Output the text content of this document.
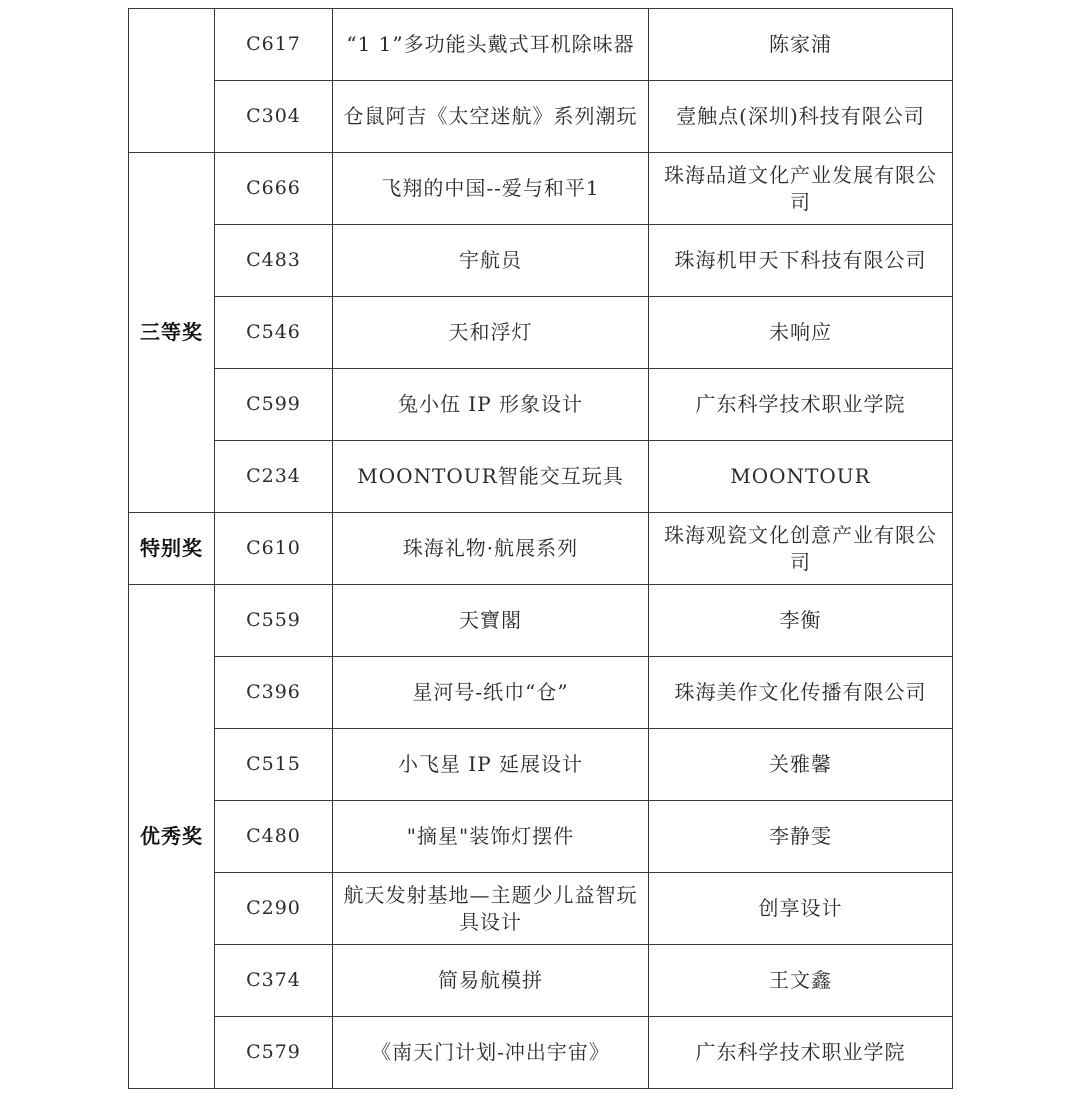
	C617	“1 1”多功能头戴式耳机除味器	陈家浦
	C304	仓鼠阿吉《太空迷航》系列潮玩	壹触点(深圳)科技有限公司
三等奖	C666	飞翔的中国--爱与和平1	珠海品道文化产业发展有限公司
	C483	宇航员	珠海机甲天下科技有限公司
	C546	天和浮灯	未响应
	C599	兔小伍 IP 形象设计	广东科学技术职业学院
	C234	MOONTOUR智能交互玩具	MOONTOUR
特别奖	C610	珠海礼物·航展系列	珠海观瓷文化创意产业有限公司
优秀奖	C559	天寶閣	李衡
	C396	星河号-纸巾“仓”	珠海美作文化传播有限公司
	C515	小飞星 IP 延展设计	关雅馨
	C480	"摘星"装饰灯摆件	李静雯
	C290	航天发射基地—主题少儿益智玩具设计	创享设计
	C374	简易航模拼	王文鑫
	C579	《南天门计划-冲出宇宙》	广东科学技术职业学院
